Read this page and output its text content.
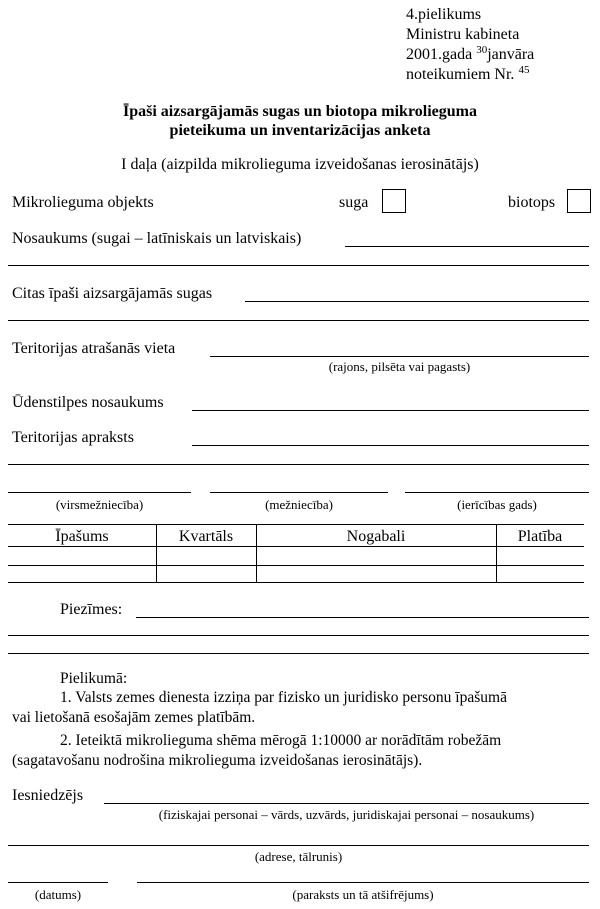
4.pielikums
Ministru kabineta
2001.gada $^{30}$janvāra
noteikumiem Nr. $^{45}$
Īpaši aizsargājamās sugas un biotopa mikrolieguma
pieteikuma un inventarizācijas anketa
I daļa (aizpilda mikrolieguma izveidošanas ierosinātājs)
Mikrolieguma objekts	suga	biotops
Nosaukums (sugai – latīniskais un latviskais)
Citas īpaši aizsargājamās sugas
Teritorijas atrašanās vieta
(rajons, pilsēta vai pagasts)
Ūdenstilpes nosaukums
Teritorijas apraksts
(virsmežniecība)	(mežniecība)	(ierīcības gads)
Īpašums	Kvartāls	Nogabali	Platība
Piezīmes:
Pielikumā:
1. Valsts zemes dienesta izziņa par fizisko un juridisko personu īpašumā
vai lietošanā esošajām zemes platībām.
2. Ieteiktā mikrolieguma shēma mērogā 1:10000 ar norādītām robežām
(sagatavošanu nodrošina mikrolieguma izveidošanas ierosinātājs).
Iesniedzējs
(fiziskajai personai – vārds, uzvārds, juridiskajai personai – nosaukums)
(adrese, tālrunis)
(datums)	(paraksts un tā atšifrējums)
